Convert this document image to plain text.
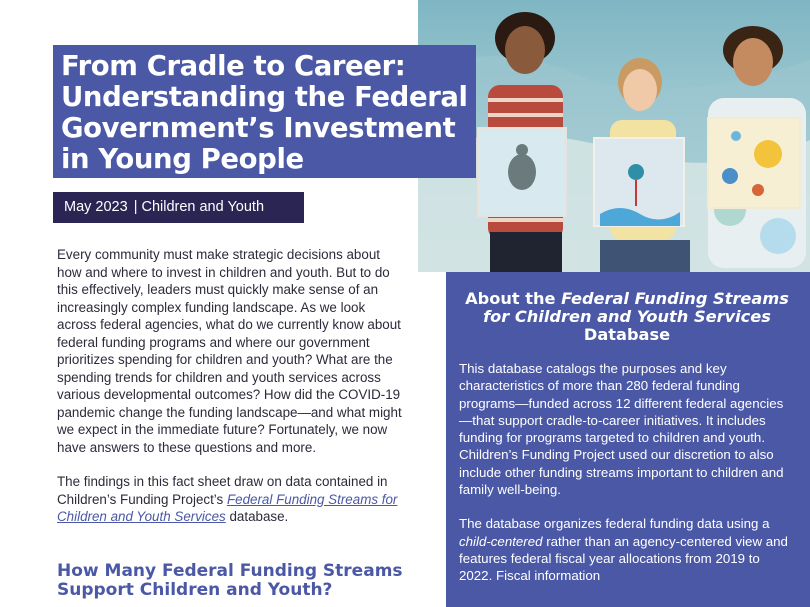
From Cradle to Career:
Understanding the Federal
Government’s Investment
in Young People
May 2023 | Children and Youth

Every community must make strategic decisions about how and where to invest in children and youth. But to do this effectively, leaders must quickly make sense of an increasingly complex funding landscape. As we look across federal agencies, what do we currently know about federal funding programs and where our government prioritizes spending for children and youth? What are the spending trends for children and youth services across various developmental outcomes? How did the COVID-19 pandemic change the funding landscape—and what might we expect in the immediate future? Fortunately, we now have answers to these questions and more.

The findings in this fact sheet draw on data contained in Children’s Funding Project’s Federal Funding Streams for Children and Youth Services database.

How Many Federal Funding Streams Support Children and Youth?
About the Federal Funding Streams for Children and Youth Services Database

This database catalogs the purposes and key characteristics of more than 280 federal funding programs—funded across 12 different federal agencies—that support cradle-to-career initiatives. It includes funding for programs targeted to children and youth. Children’s Funding Project used our discretion to also include other funding streams important to children and family well-being.

The database organizes federal funding data using a child-centered rather than an agency-centered view and features federal fiscal year allocations from 2019 to 2022. Fiscal information
